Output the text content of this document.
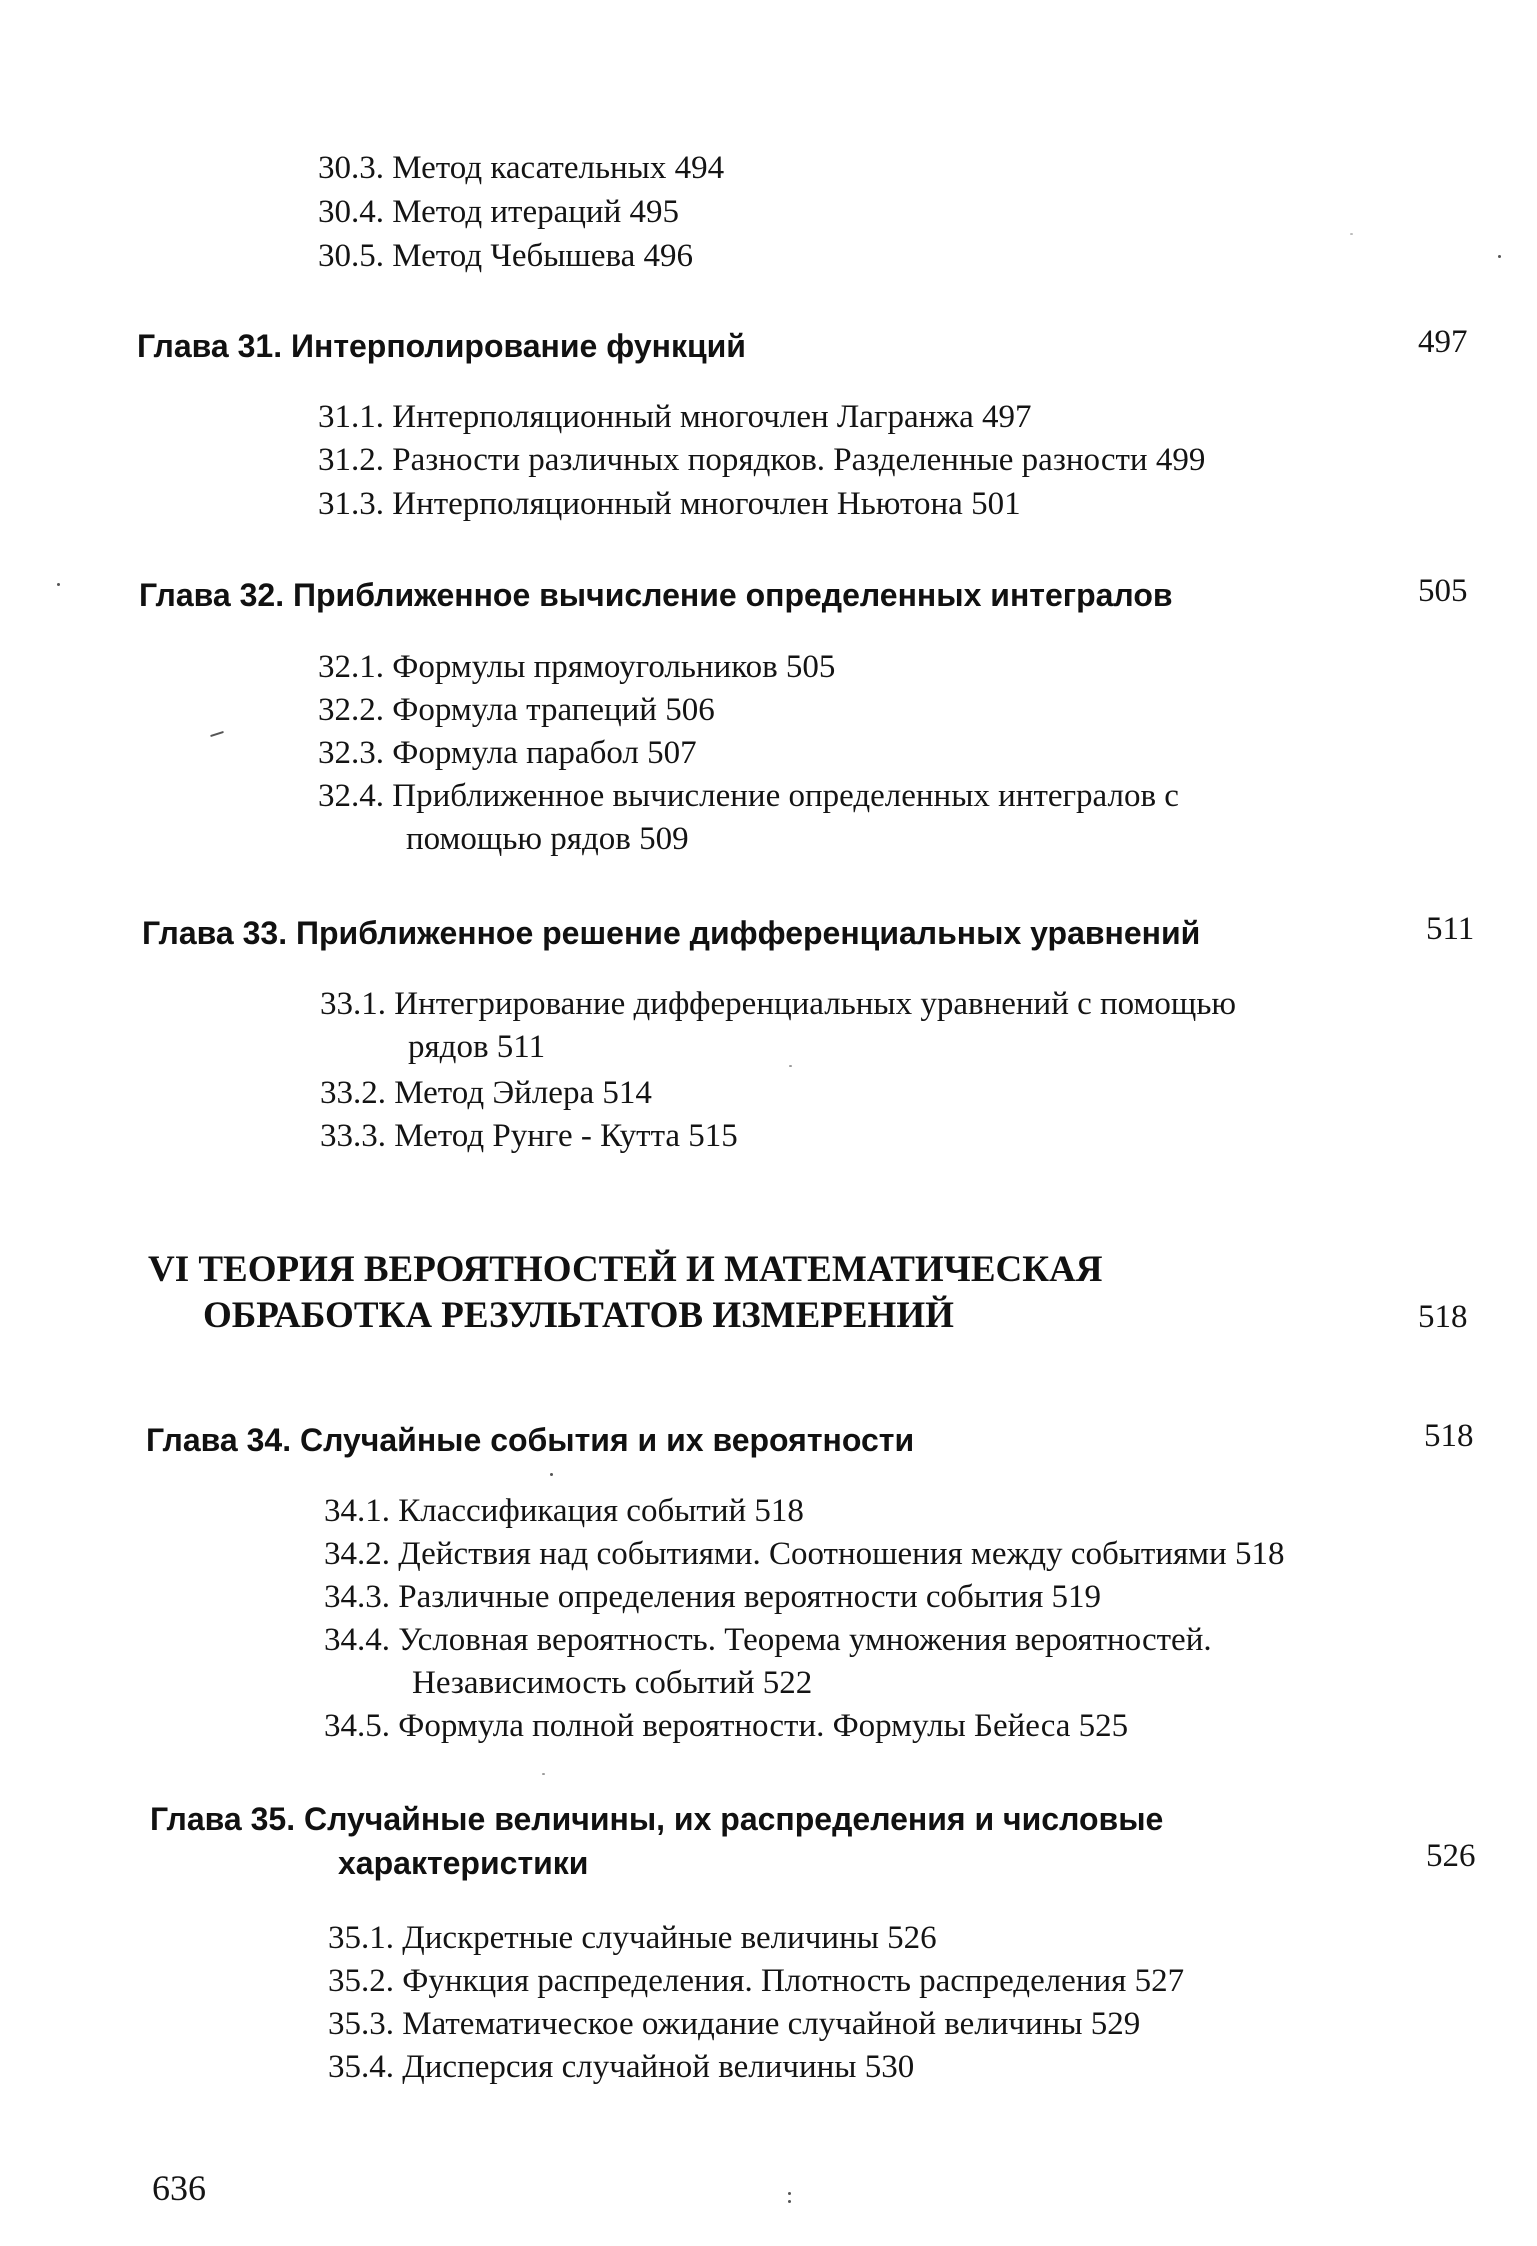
30.3. Метод касательных 494
30.4. Метод итераций 495
30.5. Метод Чебышева 496
Глава 31. Интерполирование функций	497
31.1. Интерполяционный многочлен Лагранжа 497
31.2. Разности различных порядков. Разделенные разности 499
31.3. Интерполяционный многочлен Ньютона 501
Глава 32. Приближенное вычисление определенных интегралов	505
32.1. Формулы прямоугольников 505
32.2. Формула трапеций 506
32.3. Формула парабол 507
32.4. Приближенное вычисление определенных интегралов с
помощью рядов 509
Глава 33. Приближенное решение дифференциальных уравнений	511
33.1. Интегрирование дифференциальных уравнений с помощью
рядов 511
33.2. Метод Эйлера 514
33.3. Метод Рунге - Кутта 515
VI ТЕОРИЯ ВЕРОЯТНОСТЕЙ И МАТЕМАТИЧЕСКАЯ
ОБРАБОТКА РЕЗУЛЬТАТОВ ИЗМЕРЕНИЙ	518
Глава 34. Случайные события и их вероятности	518
34.1. Классификация событий 518
34.2. Действия над событиями. Соотношения между событиями 518
34.3. Различные определения вероятности события 519
34.4. Условная вероятность. Теорема умножения вероятностей.
Независимость событий 522
34.5. Формула полной вероятности. Формулы Бейеса 525
Глава 35. Случайные величины, их распределения и числовые
характеристики	526
35.1. Дискретные случайные величины 526
35.2. Функция распределения. Плотность распределения 527
35.3. Математическое ожидание случайной величины 529
35.4. Дисперсия случайной величины 530
636
